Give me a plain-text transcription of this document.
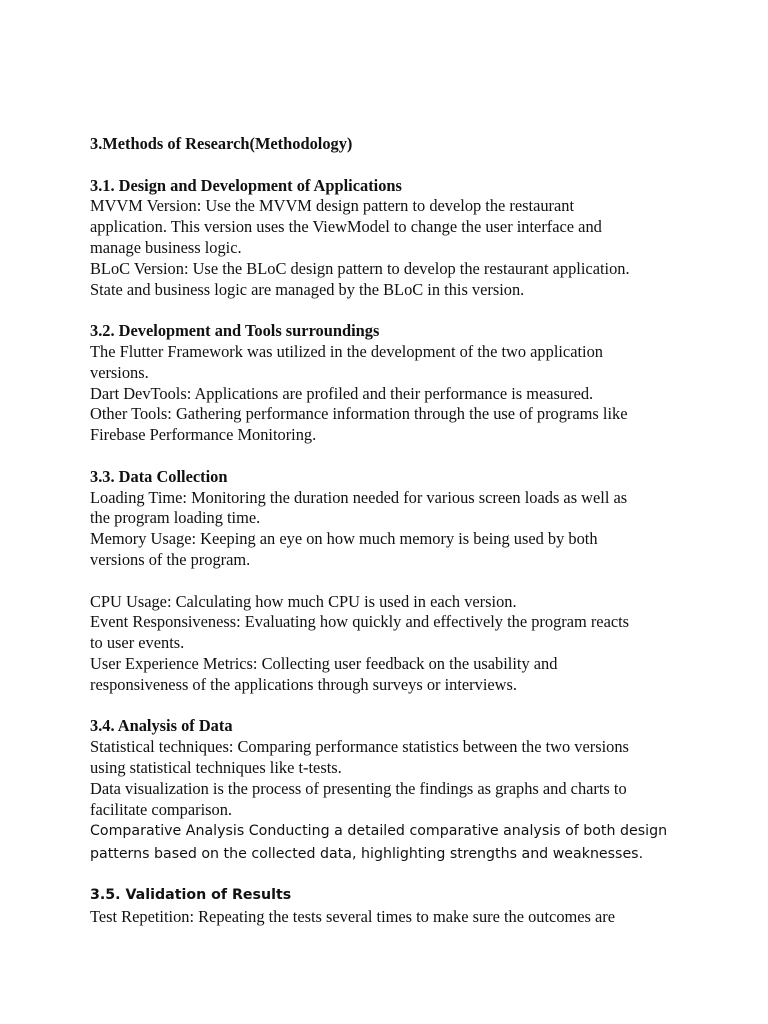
3.Methods of Research(Methodology)
3.1. Design and Development of Applications
MVVM Version: Use the MVVM design pattern to develop the restaurant
application. This version uses the ViewModel to change the user interface and
manage business logic.
BLoC Version: Use the BLoC design pattern to develop the restaurant application.
State and business logic are managed by the BLoC in this version.
3.2. Development and Tools surroundings
The Flutter Framework was utilized in the development of the two application
versions.
Dart DevTools: Applications are profiled and their performance is measured.
Other Tools: Gathering performance information through the use of programs like
Firebase Performance Monitoring.
3.3. Data Collection
Loading Time: Monitoring the duration needed for various screen loads as well as
the program loading time.
Memory Usage: Keeping an eye on how much memory is being used by both
versions of the program.
CPU Usage: Calculating how much CPU is used in each version.
Event Responsiveness: Evaluating how quickly and effectively the program reacts
to user events.
User Experience Metrics: Collecting user feedback on the usability and
responsiveness of the applications through surveys or interviews.
3.4. Analysis of Data
Statistical techniques: Comparing performance statistics between the two versions
using statistical techniques like t-tests.
Data visualization is the process of presenting the findings as graphs and charts to
facilitate comparison.
Comparative Analysis Conducting a detailed comparative analysis of both design
patterns based on the collected data, highlighting strengths and weaknesses.
3.5. Validation of Results
Test Repetition: Repeating the tests several times to make sure the outcomes are
